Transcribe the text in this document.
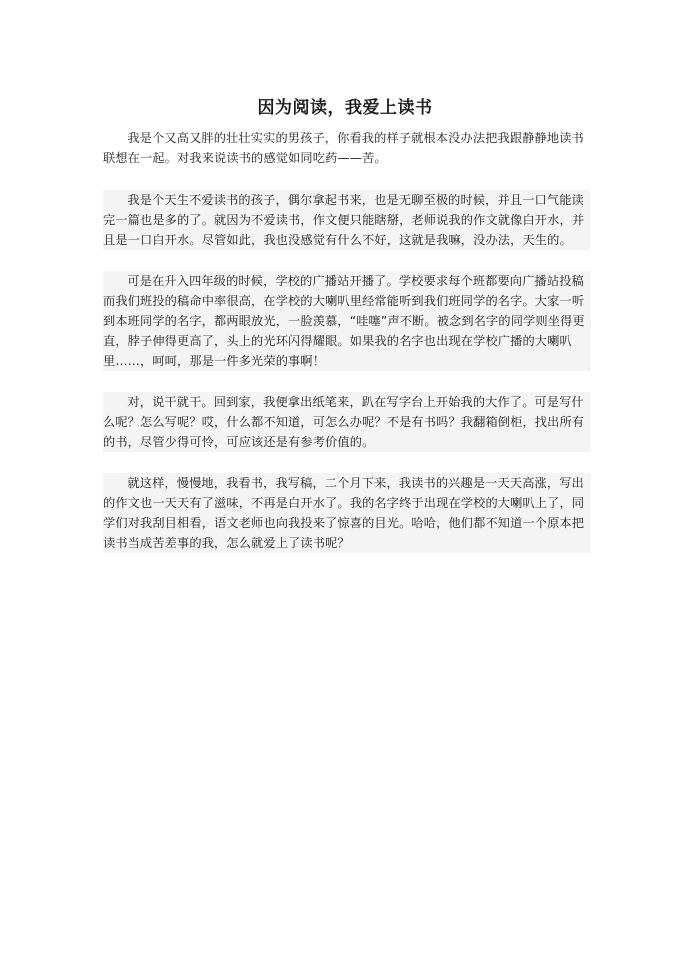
因为阅读，我爱上读书

我是个又高又胖的壮壮实实的男孩子，你看我的样子就根本没办法把我跟静静地读书联想在一起。对我来说读书的感觉如同吃药——苦。

我是个天生不爱读书的孩子，偶尔拿起书来，也是无聊至极的时候，并且一口气能读完一篇也是多的了。就因为不爱读书，作文便只能瞎掰，老师说我的作文就像白开水，并且是一口白开水。尽管如此，我也没感觉有什么不好，这就是我嘛，没办法，天生的。

可是在升入四年级的时候，学校的广播站开播了。学校要求每个班都要向广播站投稿而我们班投的稿命中率很高，在学校的大喇叭里经常能听到我们班同学的名字。大家一听到本班同学的名字，都两眼放光，一脸羡慕，“哇噻”声不断。被念到名字的同学则坐得更直，脖子伸得更高了，头上的光环闪得耀眼。如果我的名字也出现在学校广播的大喇叭里……，呵呵，那是一件多光荣的事啊！

对，说干就干。回到家，我便拿出纸笔来，趴在写字台上开始我的大作了。可是写什么呢？怎么写呢？哎，什么都不知道，可怎么办呢？不是有书吗？我翻箱倒柜，找出所有的书，尽管少得可怜，可应该还是有参考价值的。

就这样，慢慢地，我看书，我写稿，二个月下来，我读书的兴趣是一天天高涨，写出的作文也一天天有了滋味，不再是白开水了。我的名字终于出现在学校的大喇叭上了，同学们对我刮目相看，语文老师也向我投来了惊喜的目光。哈哈，他们都不知道一个原本把读书当成苦差事的我，怎么就爱上了读书呢？
